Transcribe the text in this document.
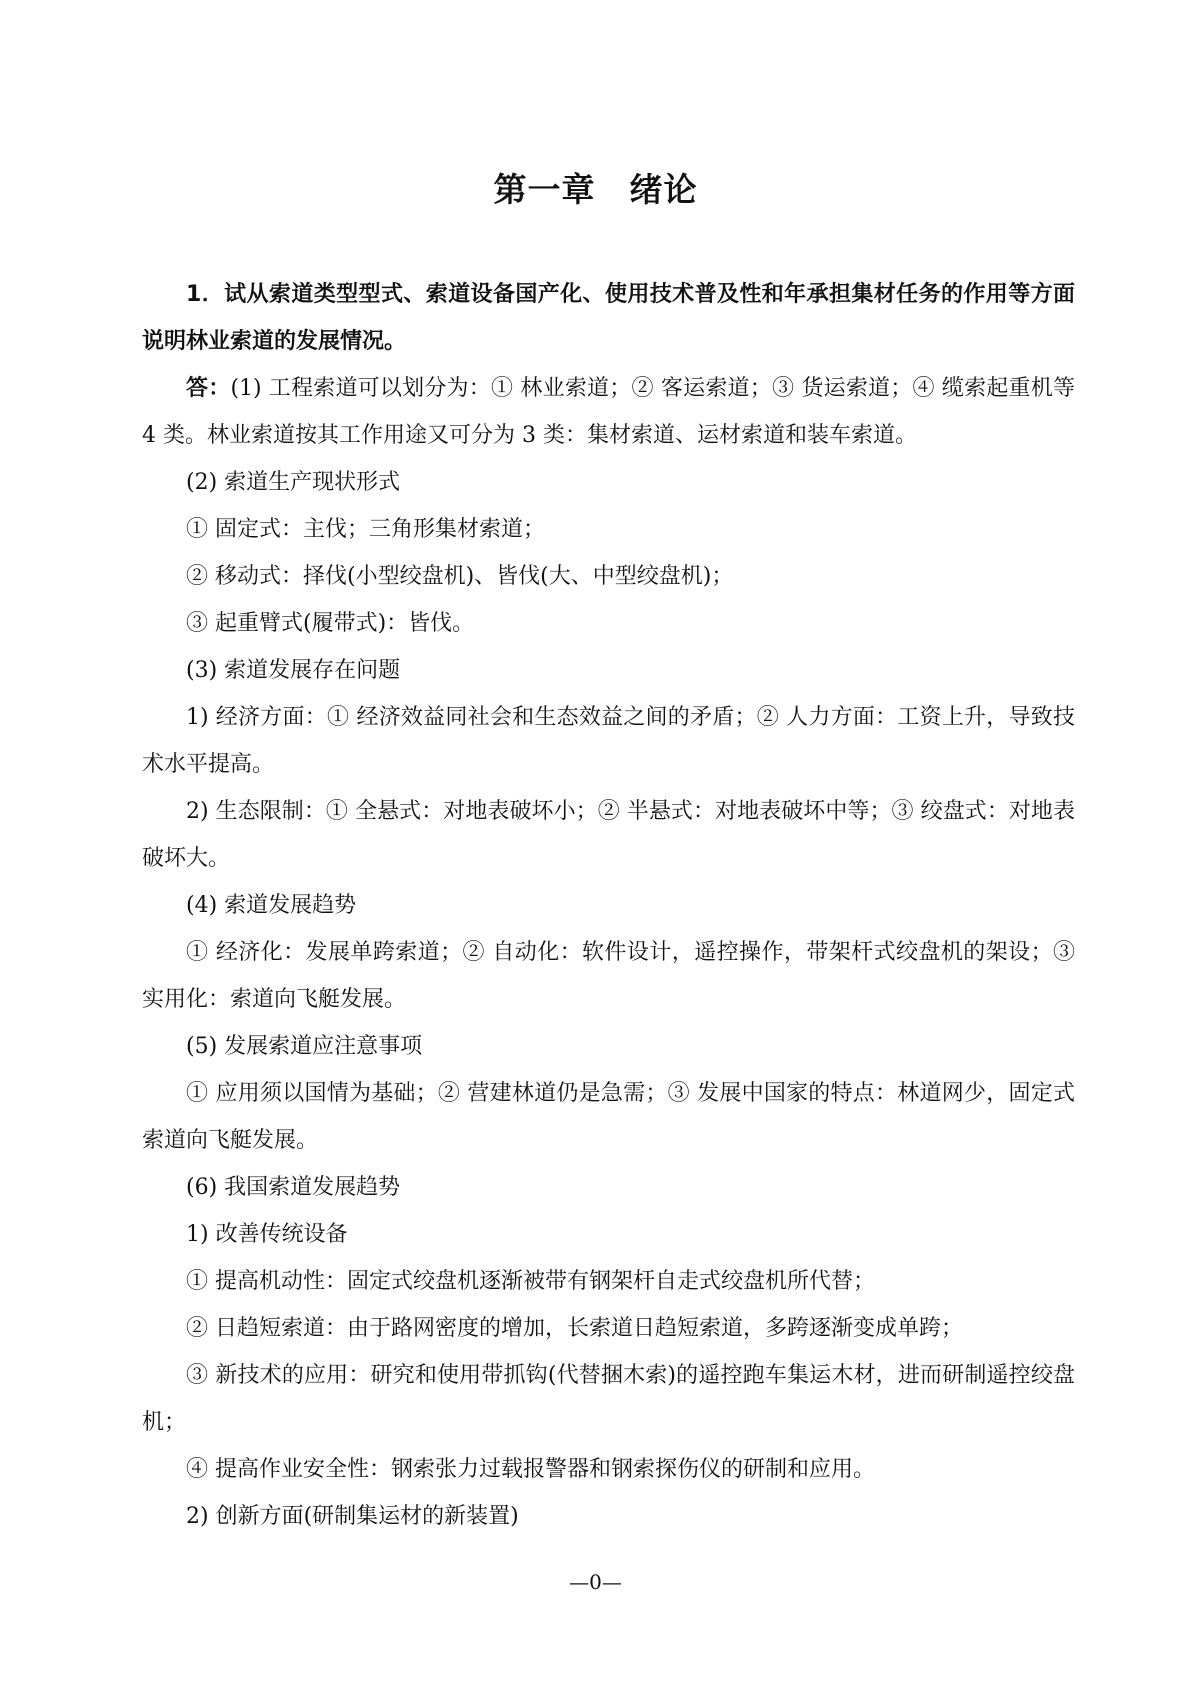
第一章 绪论

1．试从索道类型型式、索道设备国产化、使用技术普及性和年承担集材任务的作用等方面说明林业索道的发展情况。

答：(1) 工程索道可以划分为：① 林业索道；② 客运索道；③ 货运索道；④ 缆索起重机等 4 类。林业索道按其工作用途又可分为 3 类：集材索道、运材索道和装车索道。

(2) 索道生产现状形式

① 固定式：主伐；三角形集材索道；

② 移动式：择伐(小型绞盘机)、皆伐(大、中型绞盘机)；

③ 起重臂式(履带式)：皆伐。

(3) 索道发展存在问题

1) 经济方面：① 经济效益同社会和生态效益之间的矛盾；② 人力方面：工资上升，导致技术水平提高。

2) 生态限制：① 全悬式：对地表破坏小；② 半悬式：对地表破坏中等；③ 绞盘式：对地表破坏大。

(4) 索道发展趋势

① 经济化：发展单跨索道；② 自动化：软件设计，遥控操作，带架杆式绞盘机的架设；③ 实用化：索道向飞艇发展。

(5) 发展索道应注意事项

① 应用须以国情为基础；② 营建林道仍是急需；③ 发展中国家的特点：林道网少，固定式索道向飞艇发展。

(6) 我国索道发展趋势

1) 改善传统设备

① 提高机动性：固定式绞盘机逐渐被带有钢架杆自走式绞盘机所代替；

② 日趋短索道：由于路网密度的增加，长索道日趋短索道，多跨逐渐变成单跨；

③ 新技术的应用：研究和使用带抓钩(代替捆木索)的遥控跑车集运木材，进而研制遥控绞盘机；

④ 提高作业安全性：钢索张力过载报警器和钢索探伤仪的研制和应用。

2) 创新方面(研制集运材的新装置)

—0—
